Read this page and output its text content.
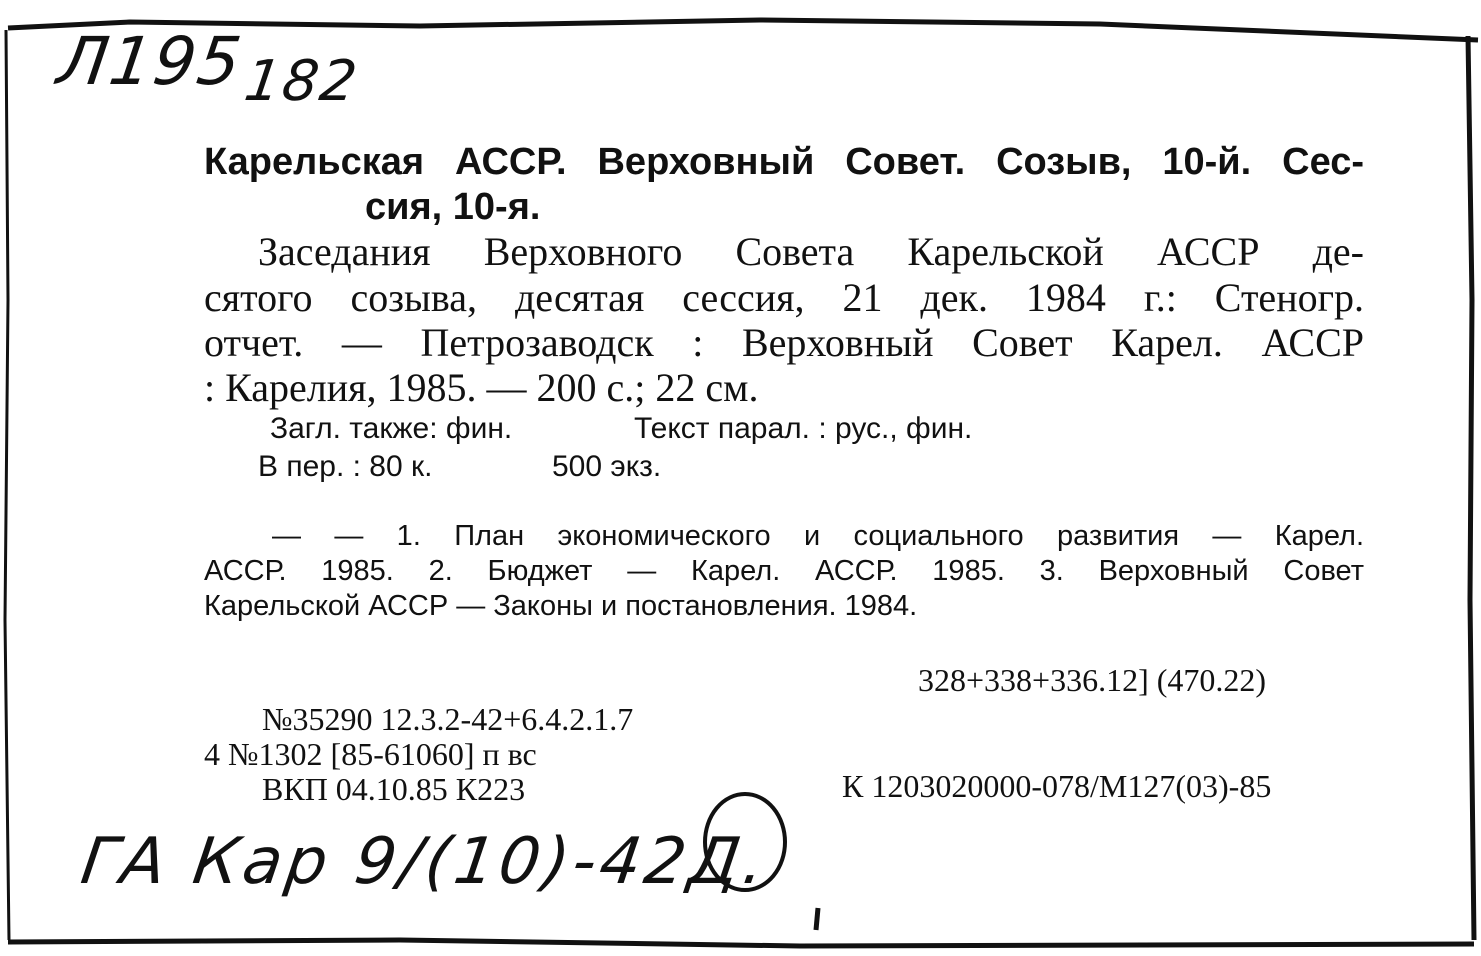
$Л195_{182}$
Карельская АССР. Верховный Совет. Созыв, 10-й. Сес-
сия, 10-я.
Заседания Верховного Совета Карельской АССР де-
сятого созыва, десятая сессия, 21 дек. 1984 г.: Стеногр.
отчет. — Петрозаводск : Верховный Совет Карел. АССР
: Карелия, 1985. — 200 с.; 22 см.
Загл. также: фин.	Текст парал. : рус., фин.
В пер. : 80 к.	500 экз.
— — 1. План экономического и социального развития — Карел.
АССР. 1985. 2. Бюджет — Карел. АССР. 1985. 3. Верховный Совет
Карельской АССР — Законы и постановления. 1984.
328+338+336.12] (470.22)
№35290 12.3.2-42+6.4.2.1.7
4 №1302 [85-61060] п вс
ВКП 04.10.85 К223	К 1203020000-078/М127(03)-85
ГА Кар 9/(10)-42Д.
